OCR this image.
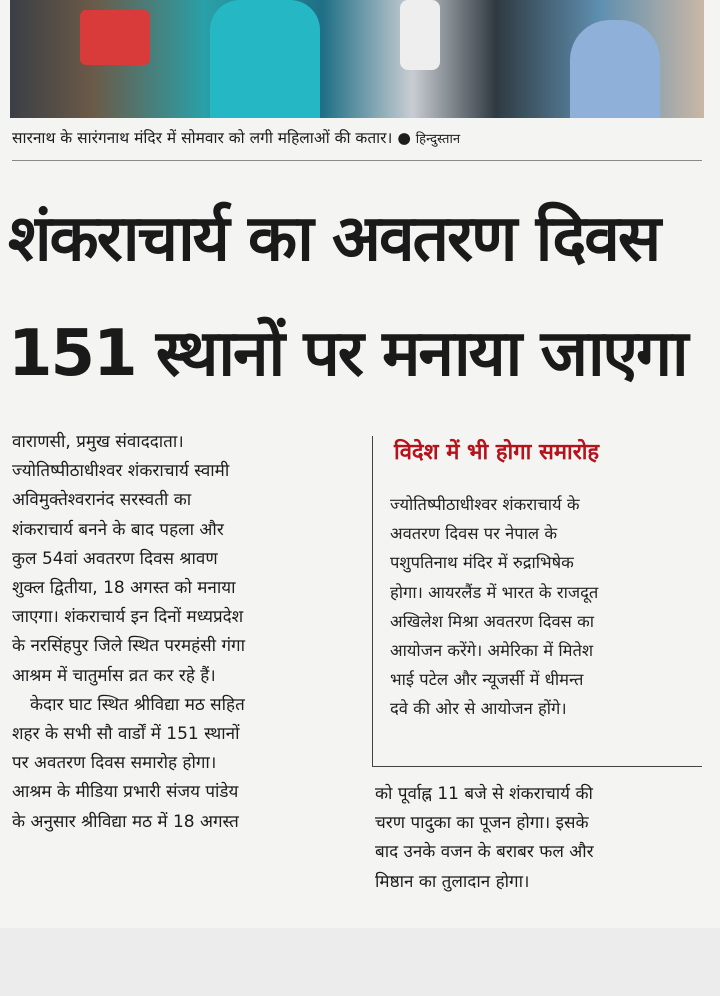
सारनाथ के सारंगनाथ मंदिर में सोमवार को लगी महिलाओं की कतार। ● हिन्दुस्तान
शंकराचार्य का अवतरण दिवस
151 स्थानों पर मनाया जाएगा
वाराणसी, प्रमुख संवाददाता।
ज्योतिष्पीठाधीश्वर शंकराचार्य स्वामी
अविमुक्तेश्वरानंद सरस्वती का
शंकराचार्य बनने के बाद पहला और
कुल 54वां अवतरण दिवस श्रावण
शुक्ल द्वितीया, 18 अगस्त को मनाया
जाएगा। शंकराचार्य इन दिनों मध्यप्रदेश
के नरसिंहपुर जिले स्थित परमहंसी गंगा
आश्रम में चातुर्मास व्रत कर रहे हैं।
केदार घाट स्थित श्रीविद्या मठ सहित
शहर के सभी सौ वार्डों में 151 स्थानों
पर अवतरण दिवस समारोह होगा।
आश्रम के मीडिया प्रभारी संजय पांडेय
के अनुसार श्रीविद्या मठ में 18 अगस्त
विदेश में भी होगा समारोह
ज्योतिष्पीठाधीश्वर शंकराचार्य के
अवतरण दिवस पर नेपाल के
पशुपतिनाथ मंदिर में रुद्राभिषेक
होगा। आयरलैंड में भारत के राजदूत
अखिलेश मिश्रा अवतरण दिवस का
आयोजन करेंगे। अमेरिका में मितेश
भाई पटेल और न्यूजर्सी में धीमन्त
दवे की ओर से आयोजन होंगे।
को पूर्वाह्न 11 बजे से शंकराचार्य की
चरण पादुका का पूजन होगा। इसके
बाद उनके वजन के बराबर फल और
मिष्ठान का तुलादान होगा।
